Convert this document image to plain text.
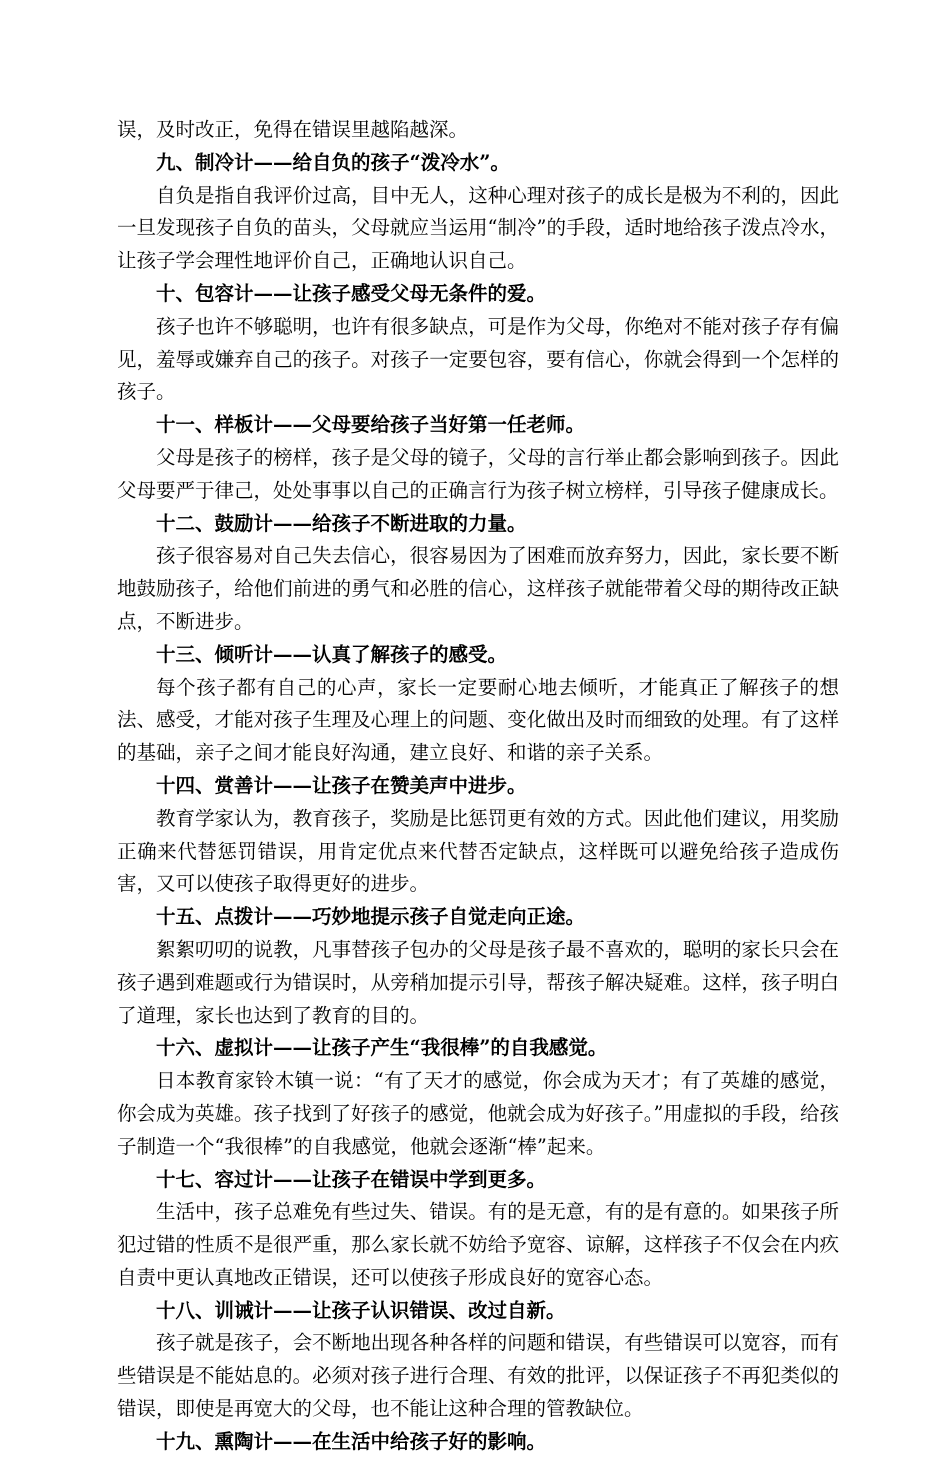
误，及时改正，免得在错误里越陷越深。

九、制冷计——给自负的孩子“泼冷水”。

自负是指自我评价过高，目中无人，这种心理对孩子的成长是极为不利的，因此一旦发现孩子自负的苗头，父母就应当运用“制冷”的手段，适时地给孩子泼点冷水，让孩子学会理性地评价自己，正确地认识自己。

十、包容计——让孩子感受父母无条件的爱。

孩子也许不够聪明，也许有很多缺点，可是作为父母，你绝对不能对孩子存有偏见，羞辱或嫌弃自己的孩子。对孩子一定要包容，要有信心，你就会得到一个怎样的孩子。

十一、样板计——父母要给孩子当好第一任老师。

父母是孩子的榜样，孩子是父母的镜子，父母的言行举止都会影响到孩子。因此父母要严于律己，处处事事以自己的正确言行为孩子树立榜样，引导孩子健康成长。

十二、鼓励计——给孩子不断进取的力量。

孩子很容易对自己失去信心，很容易因为了困难而放弃努力，因此，家长要不断地鼓励孩子，给他们前进的勇气和必胜的信心，这样孩子就能带着父母的期待改正缺点，不断进步。

十三、倾听计——认真了解孩子的感受。

每个孩子都有自己的心声，家长一定要耐心地去倾听，才能真正了解孩子的想法、感受，才能对孩子生理及心理上的问题、变化做出及时而细致的处理。有了这样的基础，亲子之间才能良好沟通，建立良好、和谐的亲子关系。

十四、赏善计——让孩子在赞美声中进步。

教育学家认为，教育孩子，奖励是比惩罚更有效的方式。因此他们建议，用奖励正确来代替惩罚错误，用肯定优点来代替否定缺点，这样既可以避免给孩子造成伤害，又可以使孩子取得更好的进步。

十五、点拨计——巧妙地提示孩子自觉走向正途。

絮絮叨叨的说教，凡事替孩子包办的父母是孩子最不喜欢的，聪明的家长只会在孩子遇到难题或行为错误时，从旁稍加提示引导，帮孩子解决疑难。这样，孩子明白了道理，家长也达到了教育的目的。

十六、虚拟计——让孩子产生“我很棒”的自我感觉。

日本教育家铃木镇一说：“有了天才的感觉，你会成为天才；有了英雄的感觉，你会成为英雄。孩子找到了好孩子的感觉，他就会成为好孩子。”用虚拟的手段，给孩子制造一个“我很棒”的自我感觉，他就会逐渐“棒”起来。

十七、容过计——让孩子在错误中学到更多。

生活中，孩子总难免有些过失、错误。有的是无意，有的是有意的。如果孩子所犯过错的性质不是很严重，那么家长就不妨给予宽容、谅解，这样孩子不仅会在内疚自责中更认真地改正错误，还可以使孩子形成良好的宽容心态。

十八、训诫计——让孩子认识错误、改过自新。

孩子就是孩子，会不断地出现各种各样的问题和错误，有些错误可以宽容，而有些错误是不能姑息的。必须对孩子进行合理、有效的批评，以保证孩子不再犯类似的错误，即使是再宽大的父母，也不能让这种合理的管教缺位。

十九、熏陶计——在生活中给孩子好的影响。
